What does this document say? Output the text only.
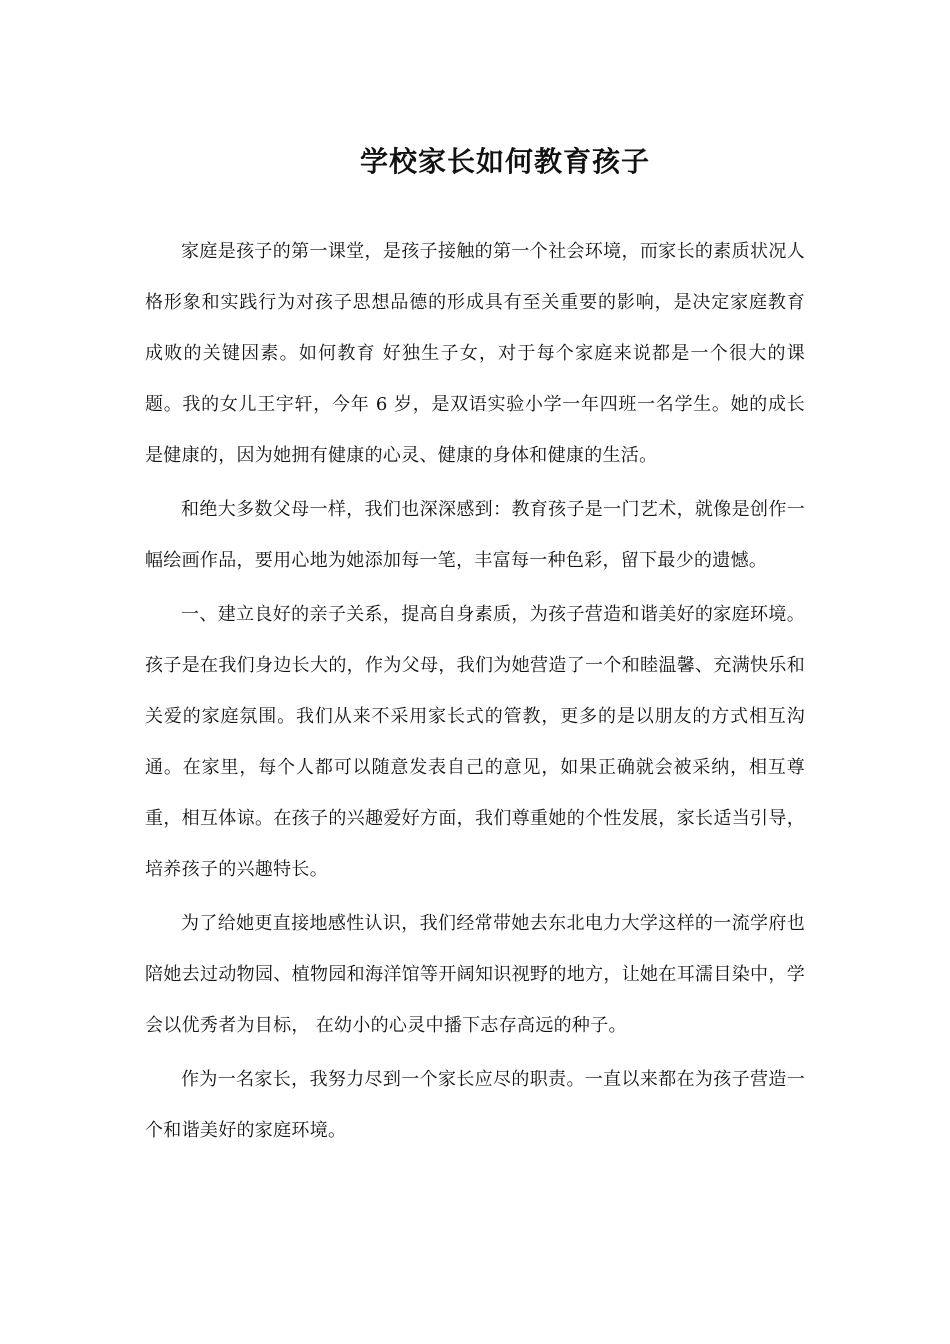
学校家长如何教育孩子

家庭是孩子的第一课堂，是孩子接触的第一个社会环境，而家长的素质状况人格形象和实践行为对孩子思想品德的形成具有至关重要的影响，是决定家庭教育 成败的关键因素。如何教育 好独生子女，对于每个家庭来说都是一个很大的课题。我的女儿王宇轩，今年 6 岁，是双语实验小学一年四班一名学生。她的成长是健康的，因为她拥有健康的心灵、健康的身体和健康的生活。

和绝大多数父母一样，我们也深深感到：教育孩子是一门艺术，就像是创作一幅绘画作品，要用心地为她添加每一笔，丰富每一种色彩，留下最少的遗憾。

一、建立良好的亲子关系，提高自身素质，为孩子营造和谐美好的家庭环境。孩子是在我们身边长大的，作为父母，我们为她营造了一个和睦温馨、充满快乐和关爱的家庭氛围。我们从来不采用家长式的管教，更多的是以朋友的方式相互沟通。在家里，每个人都可以随意发表自己的意见，如果正确就会被采纳，相互尊重，相互体谅。在孩子的兴趣爱好方面，我们尊重她的个性发展，家长适当引导，培养孩子的兴趣特长。

为了给她更直接地感性认识，我们经常带她去东北电力大学这样的一流学府也陪她去过动物园、植物园和海洋馆等开阔知识视野的地方，让她在耳濡目染中，学会以优秀者为目标， 在幼小的心灵中播下志存高远的种子。

作为一名家长，我努力尽到一个家长应尽的职责。一直以来都在为孩子营造一个和谐美好的家庭环境。
